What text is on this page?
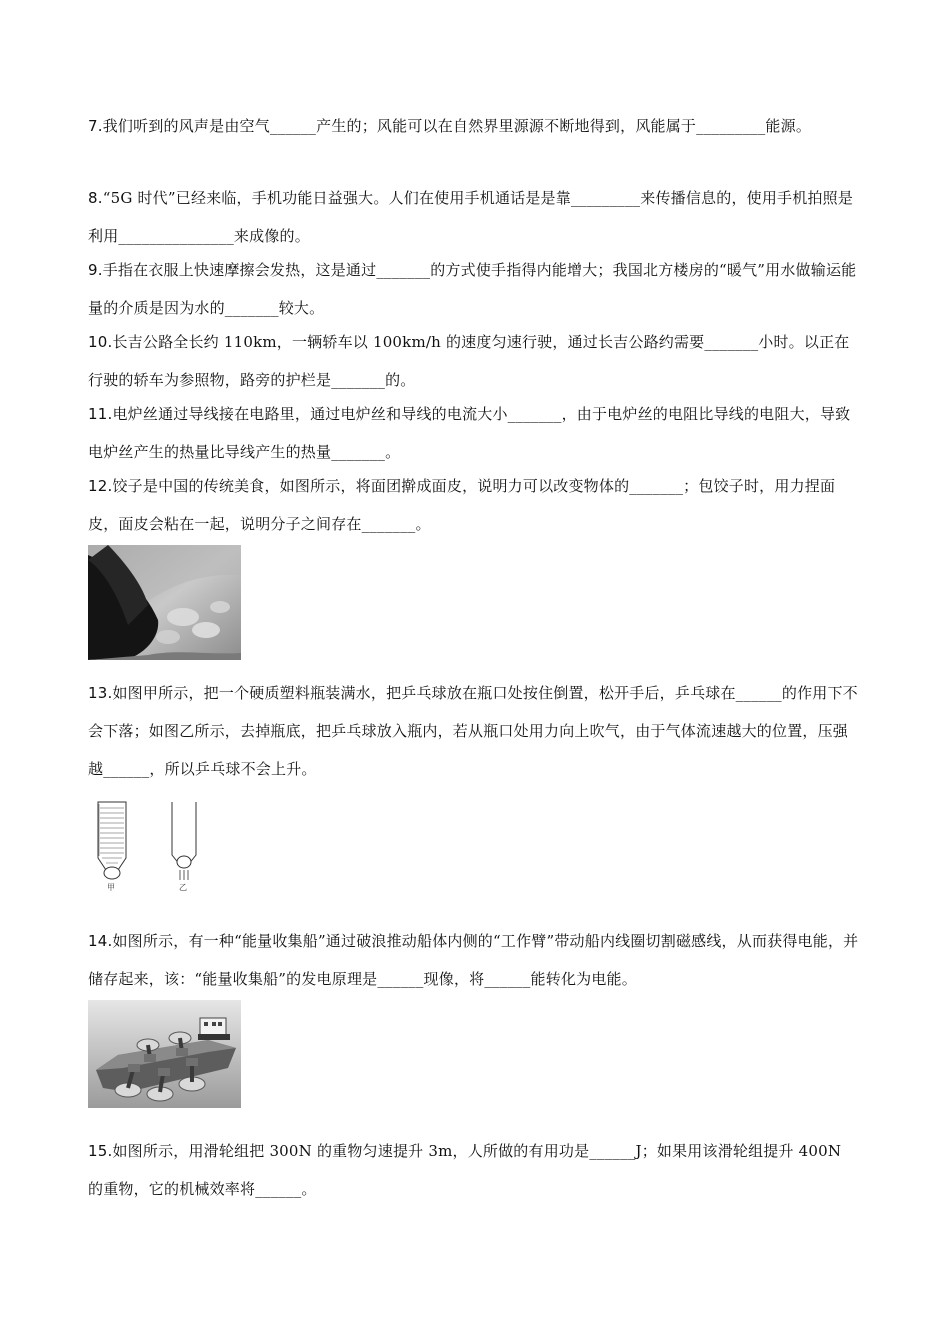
7.我们听到的风声是由空气______产生的；风能可以在自然界里源源不断地得到，风能属于_________能源。
8.“5G 时代”已经来临，手机功能日益强大。人们在使用手机通话是是靠_________来传播信息的，使用手机拍照是利用_______________来成像的。
9.手指在衣服上快速摩擦会发热，这是通过_______的方式使手指得内能增大；我国北方楼房的“暖气”用水做输运能量的介质是因为水的_______较大。
10.长吉公路全长约 110km，一辆轿车以 100km/h 的速度匀速行驶，通过长吉公路约需要_______小时。以正在行驶的轿车为参照物，路旁的护栏是_______的。
11.电炉丝通过导线接在电路里，通过电炉丝和导线的电流大小_______，由于电炉丝的电阻比导线的电阻大，导致电炉丝产生的热量比导线产生的热量_______。
12.饺子是中国的传统美食，如图所示，将面团擀成面皮，说明力可以改变物体的_______；包饺子时，用力捏面皮，面皮会粘在一起，说明分子之间存在_______。
13.如图甲所示，把一个硬质塑料瓶装满水，把乒乓球放在瓶口处按住倒置，松开手后，乒乓球在______的作用下不会下落；如图乙所示，去掉瓶底，把乒乓球放入瓶内，若从瓶口处用力向上吹气，由于气体流速越大的位置，压强越______，所以乒乓球不会上升。
甲	乙
14.如图所示，有一种“能量收集船”通过破浪推动船体内侧的“工作臂”带动船内线圈切割磁感线，从而获得电能，并储存起来，该：“能量收集船”的发电原理是______现像，将______能转化为电能。
15.如图所示，用滑轮组把 300N 的重物匀速提升 3m，人所做的有用功是______J；如果用该滑轮组提升 400N 的重物，它的机械效率将______。
